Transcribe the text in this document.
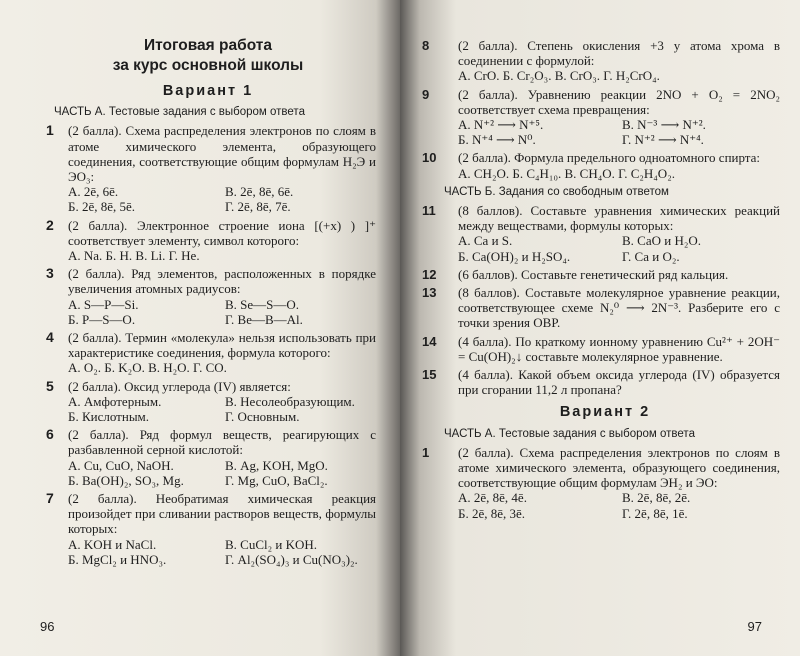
Итоговая работа
за курс основной школы
Вариант 1
ЧАСТЬ А. Тестовые задания с выбором ответа
1 (2 балла). Схема распределения электронов по слоям в атоме химического элемента, образующего соединения, соответствующие общим формулам H₂Э и ЭO₃:
А. 2ē, 6ē.	В. 2ē, 8ē, 6ē.
Б. 2ē, 8ē, 5ē.	Г. 2ē, 8ē, 7ē.
2 (2 балла). Электронное строение иона [(+x) ) ]⁺ соответствует элементу, символ которого:
А. Na. Б. H. В. Li. Г. He.
3 (2 балла). Ряд элементов, расположенных в порядке увеличения атомных радиусов:
А. S—P—Si.	В. Se—S—O.
Б. P—S—O.	Г. Be—B—Al.
4 (2 балла). Термин «молекула» нельзя использовать при характеристике соединения, формула которого:
А. O₂. Б. K₂O. В. H₂O. Г. CO.
5 (2 балла). Оксид углерода (IV) является:
А. Амфотерным.	В. Несолеобразующим.
Б. Кислотным.	Г. Основным.
6 (2 балла). Ряд формул веществ, реагирующих с разбавленной серной кислотой:
А. Cu, CuO, NaOH.	В. Ag, KOH, MgO.
Б. Ba(OH)₂, SO₃, Mg.	Г. Mg, CuO, BaCl₂.
7 (2 балла). Необратимая химическая реакция произойдет при сливании растворов веществ, формулы которых:
А. KOH и NaCl.	В. CuCl₂ и KOH.
Б. MgCl₂ и HNO₃.	Г. Al₂(SO₄)₃ и Cu(NO₃)₂.
96
8 (2 балла). Степень окисления +3 у атома хрома в соединении с формулой:
А. CrO. Б. Cr₂O₃. В. CrO₃. Г. H₂CrO₄.
9 (2 балла). Уравнению реакции 2NO + O₂ = 2NO₂ соответствует схема превращения:
А. N⁺² ⟶ N⁺⁵.	В. N⁻³ ⟶ N⁺².
Б. N⁺⁴ ⟶ N⁰.	Г. N⁺² ⟶ N⁺⁴.
10 (2 балла). Формула предельного одноатомного спирта:
А. CH₂O. Б. C₄H₁₀. В. CH₄O. Г. C₂H₄O₂.
ЧАСТЬ Б. Задания со свободным ответом
11 (8 баллов). Составьте уравнения химических реакций между веществами, формулы которых:
А. Ca и S.	В. CaO и H₂O.
Б. Ca(OH)₂ и H₂SO₄.	Г. Ca и O₂.
12 (6 баллов). Составьте генетический ряд кальция.
13 (8 баллов). Составьте молекулярное уравнение реакции, соответствующее схеме N₂⁰ ⟶ 2N⁻³. Разберите его с точки зрения ОВР.
14 (4 балла). По краткому ионному уравнению Cu²⁺ + 2OH⁻ = Cu(OH)₂↓ составьте молекулярное уравнение.
15 (4 балла). Какой объем оксида углерода (IV) образуется при сгорании 11,2 л пропана?
Вариант 2
ЧАСТЬ А. Тестовые задания с выбором ответа
1 (2 балла). Схема распределения электронов по слоям в атоме химического элемента, образующего соединения, соответствующие общим формулам ЭH₂ и ЭO:
А. 2ē, 8ē, 4ē.	В. 2ē, 8ē, 2ē.
Б. 2ē, 8ē, 3ē.	Г. 2ē, 8ē, 1ē.
97
